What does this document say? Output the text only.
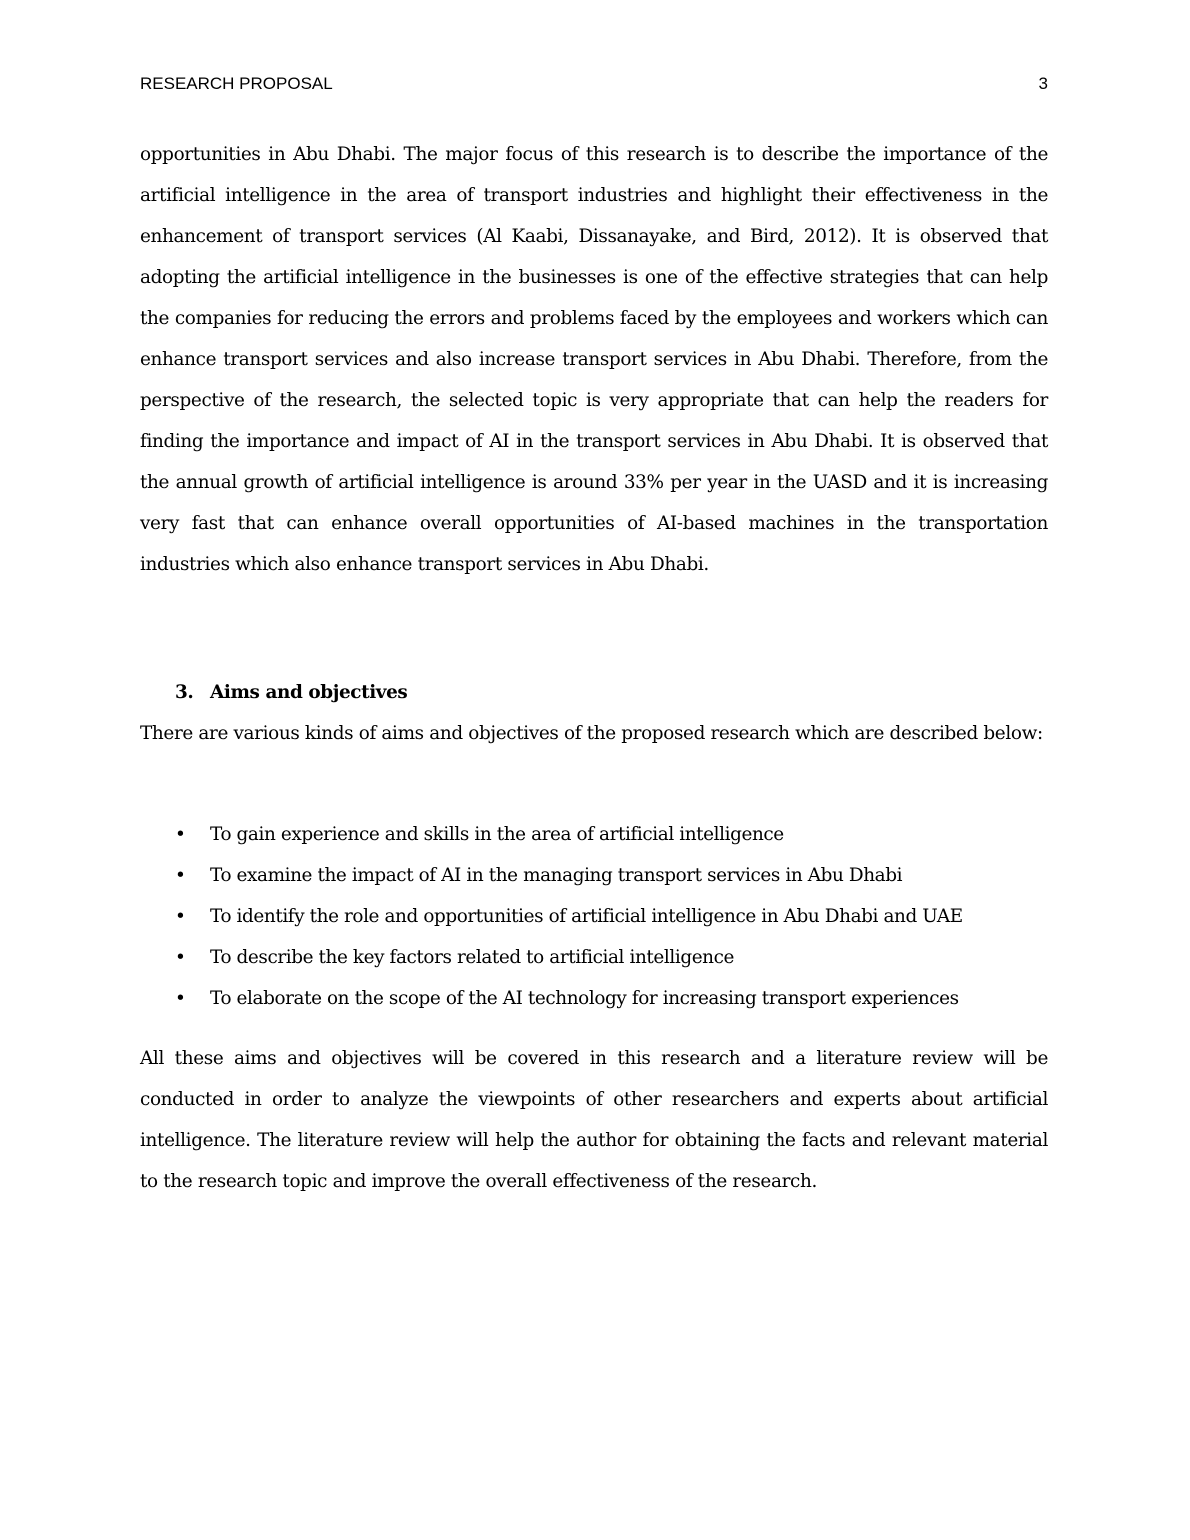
RESEARCH PROPOSAL	3

opportunities in Abu Dhabi. The major focus of this research is to describe the importance of the artificial intelligence in the area of transport industries and highlight their effectiveness in the enhancement of transport services (Al Kaabi, Dissanayake, and Bird, 2012). It is observed that adopting the artificial intelligence in the businesses is one of the effective strategies that can help the companies for reducing the errors and problems faced by the employees and workers which can enhance transport services and also increase transport services in Abu Dhabi. Therefore, from the perspective of the research, the selected topic is very appropriate that can help the readers for finding the importance and impact of AI in the transport services in Abu Dhabi. It is observed that the annual growth of artificial intelligence is around 33% per year in the UASD and it is increasing very fast that can enhance overall opportunities of AI-based machines in the transportation industries which also enhance transport services in Abu Dhabi.

3. Aims and objectives

There are various kinds of aims and objectives of the proposed research which are described below:

• To gain experience and skills in the area of artificial intelligence
• To examine the impact of AI in the managing transport services in Abu Dhabi
• To identify the role and opportunities of artificial intelligence in Abu Dhabi and UAE
• To describe the key factors related to artificial intelligence
• To elaborate on the scope of the AI technology for increasing transport experiences

All these aims and objectives will be covered in this research and a literature review will be conducted in order to analyze the viewpoints of other researchers and experts about artificial intelligence. The literature review will help the author for obtaining the facts and relevant material to the research topic and improve the overall effectiveness of the research.
